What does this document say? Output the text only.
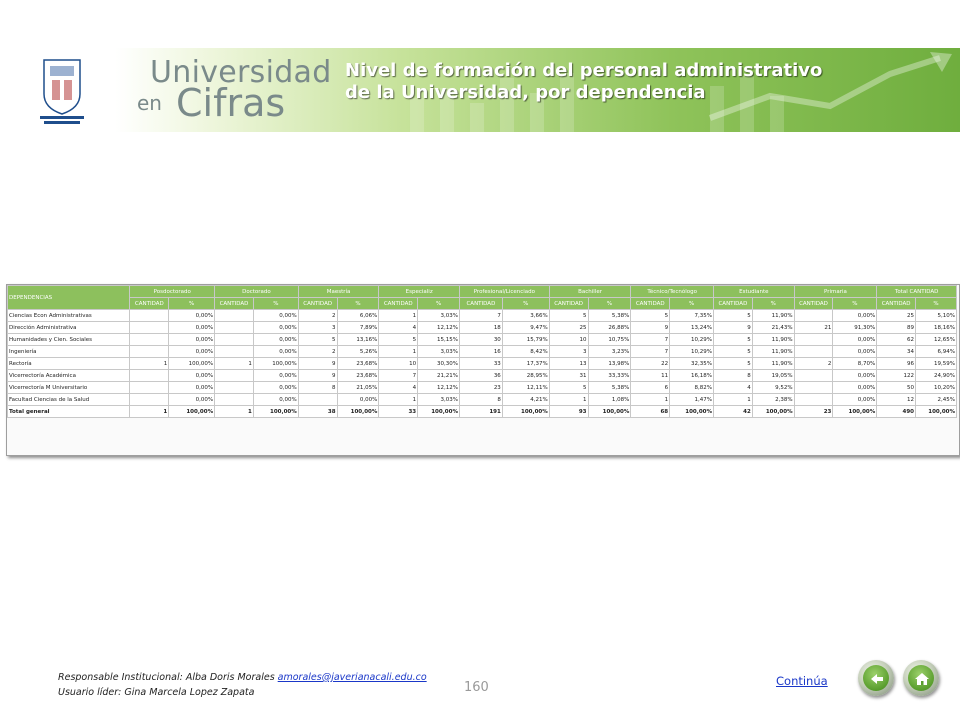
Universidad
en Cifras
Nivel de formación del personal administrativo
de la Universidad, por dependencia
DEPENDENCIAS	Posdoctorado		Doctorado		Maestría		Especializ		Profesional/Licenciado		Bachiller		Técnico/Tecnólogo		Estudiante		Primaria		Total CANTIDAD	
	CANTIDAD	%	CANTIDAD	%	CANTIDAD	%	CANTIDAD	%	CANTIDAD	%	CANTIDAD	%	CANTIDAD	%	CANTIDAD	%	CANTIDAD	%	CANTIDAD	%
Ciencias Econ Administrativas		0,00%		0,00%	2	6,06%	1	3,03%	7	3,66%	5	5,38%	5	7,35%	5	11,90%		0,00%	25	5,10%
Dirección Administrativa		0,00%		0,00%	3	7,89%	4	12,12%	18	9,47%	25	26,88%	9	13,24%	9	21,43%	21	91,30%	89	18,16%
Humanidades y Cien. Sociales		0,00%		0,00%	5	13,16%	5	15,15%	30	15,79%	10	10,75%	7	10,29%	5	11,90%		0,00%	62	12,65%
Ingeniería		0,00%		0,00%	2	5,26%	1	3,03%	16	8,42%	3	3,23%	7	10,29%	5	11,90%		0,00%	34	6,94%
Rectoría	1	100,00%	1	100,00%	9	23,68%	10	30,30%	33	17,37%	13	13,98%	22	32,35%	5	11,90%	2	8,70%	96	19,59%
Vicerrectoría Académica		0,00%		0,00%	9	23,68%	7	21,21%	36	28,95%	31	33,33%	11	16,18%	8	19,05%		0,00%	122	24,90%
Vicerrectoría M Universitario		0,00%		0,00%	8	21,05%	4	12,12%	23	12,11%	5	5,38%	6	8,82%	4	9,52%		0,00%	50	10,20%
Facultad Ciencias de la Salud		0,00%		0,00%		0,00%	1	3,03%	8	4,21%	1	1,08%	1	1,47%	1	2,38%		0,00%	12	2,45%
Total general	1	100,00%	1	100,00%	38	100,00%	33	100,00%	191	100,00%	93	100,00%	68	100,00%	42	100,00%	23	100,00%	490	100,00%
Responsable Institucional: Alba Doris Morales amorales@javerianacali.edu.co
Usuario líder: Gina Marcela Lopez Zapata	160	Continúa
